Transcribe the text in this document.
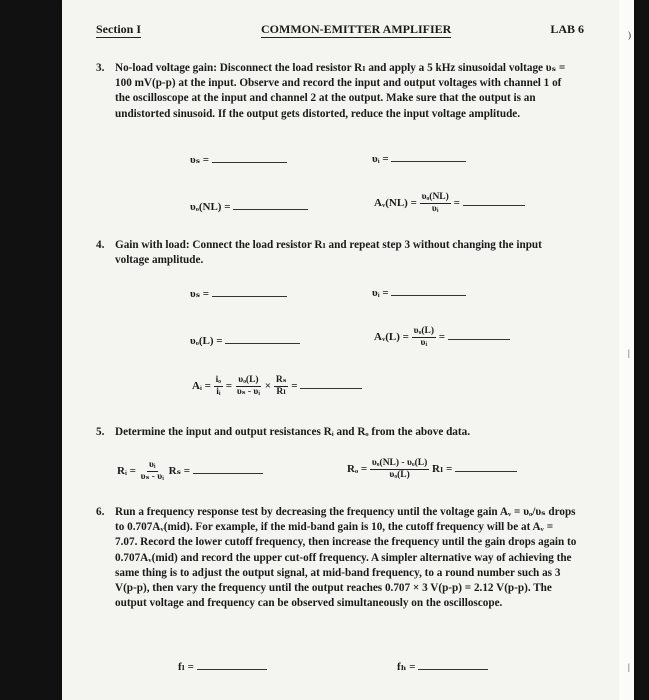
Section I	COMMON-EMITTER AMPLIFIER	LAB 6
3. No-load voltage gain: Disconnect the load resistor Rₗ and apply a 5 kHz sinusoidal voltage υₛ = 100 mV(p-p) at the input. Observe and record the input and output voltages with channel 1 of the oscilloscope at the input and channel 2 at the output. Make sure that the output is an undistorted sinusoid. If the output gets distorted, reduce the input voltage amplitude.
υₛ =	υᵢ =
υₒ(NL) =	Aᵥ(NL) = $\frac{\text{υₒ(NL)}}{\text{υᵢ}}$ =
4. Gain with load: Connect the load resistor Rₗ and repeat step 3 without changing the input voltage amplitude.
υₛ =	υᵢ =
υₒ(L) =	Aᵥ(L) = $\frac{\text{υₒ(L)}}{\text{υᵢ}}$ =
Aᵢ = $\frac{\text{iₒ}}{\text{iᵢ}} = \frac{\text{υₒ(L)}}{\text{υₛ - υᵢ}} \times \frac{\text{Rₛ}}{\text{Rₗ}}$ =
5. Determine the input and output resistances Rᵢ and Rₒ from the above data.
Rᵢ = $\frac{\text{υᵢ}}{\text{υₛ - υᵢ}}$ Rₛ =	$R_o = \frac{\text{υₒ(NL) - υₒ(L)}}{\text{υₒ(L)}}$ Rₗ =
6. Run a frequency response test by decreasing the frequency until the voltage gain Aᵥ = υₒ/υₛ drops to 0.707Aᵥ(mid). For example, if the mid-band gain is 10, the cutoff frequency will be at Aᵥ = 7.07. Record the lower cutoff frequency, then increase the frequency until the gain drops again to 0.707Aᵥ(mid) and record the upper cut-off frequency. A simpler alternative way of achieving the same thing is to adjust the output signal, at mid-band frequency, to a round number such as 3 V(p-p), then vary the frequency until the output reaches 0.707 × 3 V(p-p) = 2.12 V(p-p). The output voltage and frequency can be observed simultaneously on the oscilloscope.
fₗ =	fₕ =
)
|
|
